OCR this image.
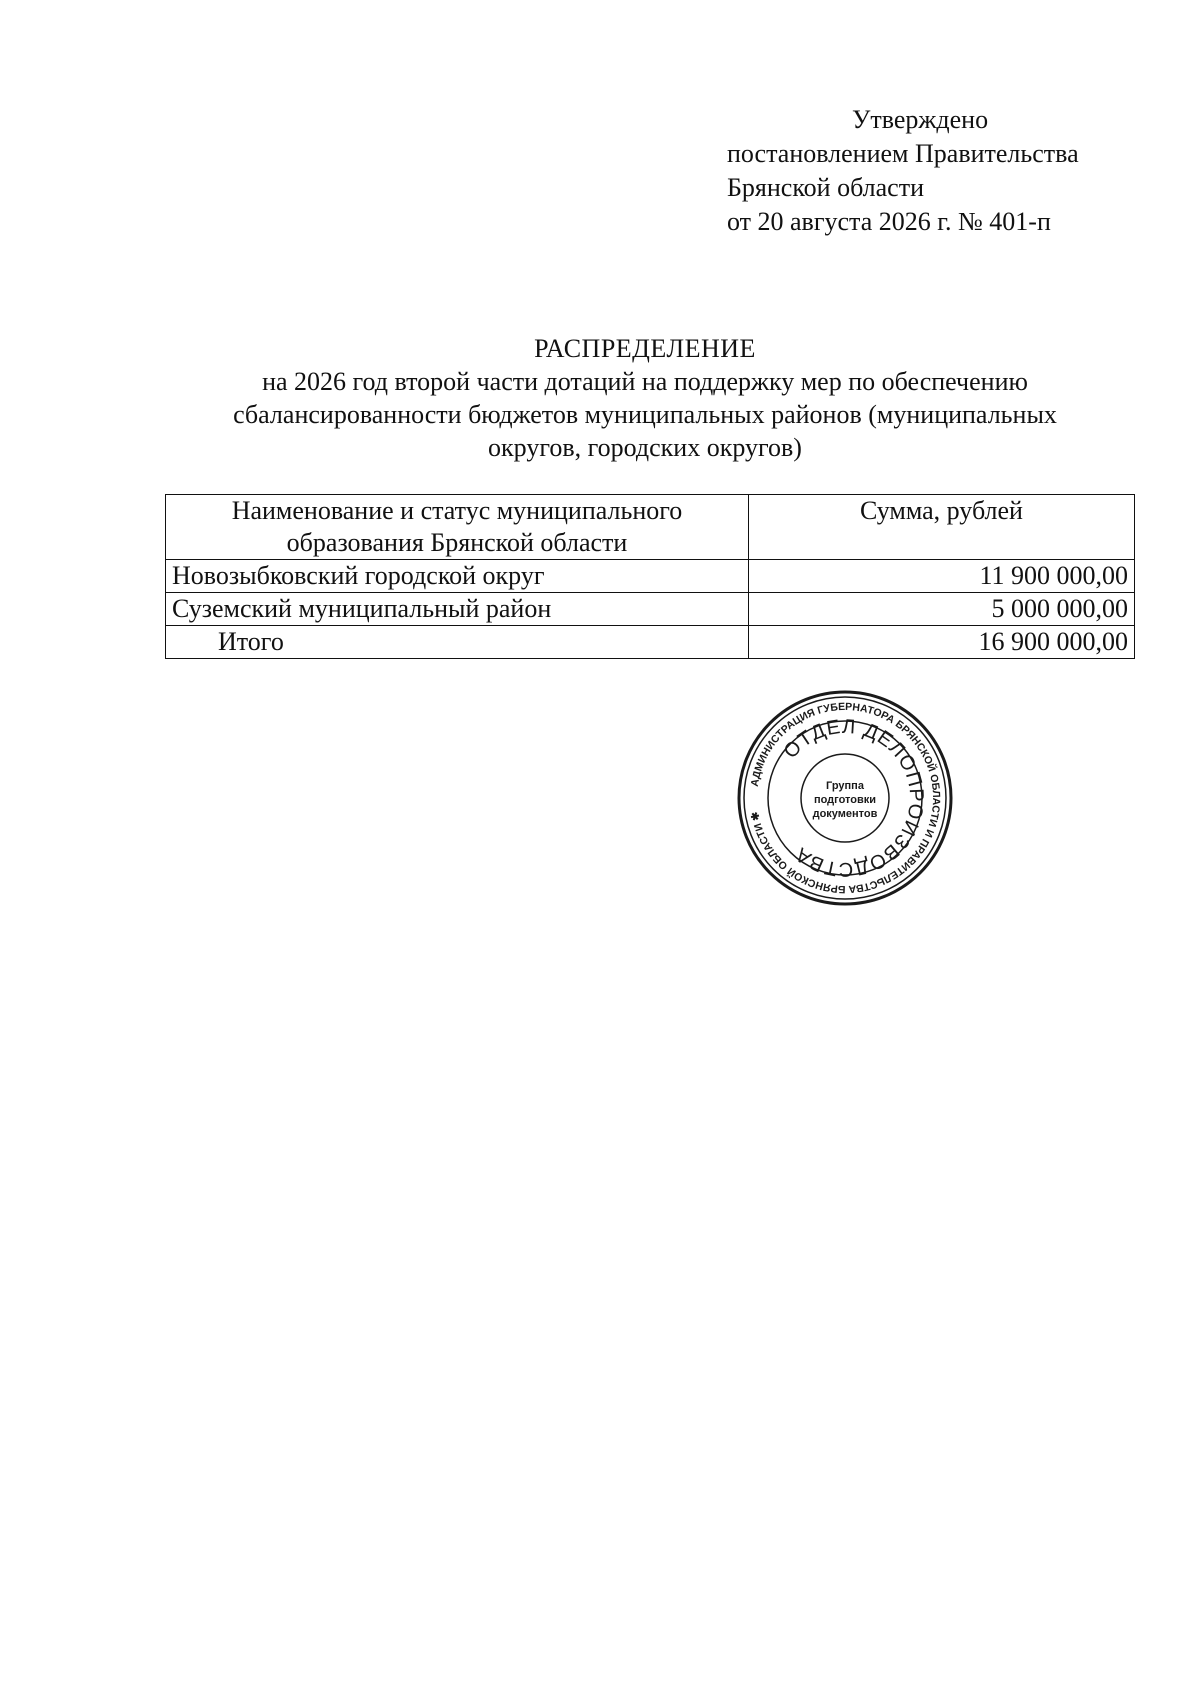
Утверждено
постановлением Правительства
Брянской области
от 20 августа 2026 г. № 401-п
РАСПРЕДЕЛЕНИЕ
на 2026 год второй части дотаций на поддержку мер по обеспечению
сбалансированности бюджетов муниципальных районов (муниципальных
округов, городских округов)
Наименование и статус муниципального
образования Брянской области	Сумма, рублей
Новозыбковский городской округ	11 900 000,00
Суземский муниципальный район	5 000 000,00
Итого	16 900 000,00
АДМИНИСТРАЦИЯ ГУБЕРНАТОРА БРЯНСКОЙ ОБЛАСТИ И ПРАВИТЕЛЬСТВА БРЯНСКОЙ ОБЛАСТИ ✱
ОТДЕЛ ДЕЛОПРОИЗВОДСТВА
Группа
подготовки
документов
